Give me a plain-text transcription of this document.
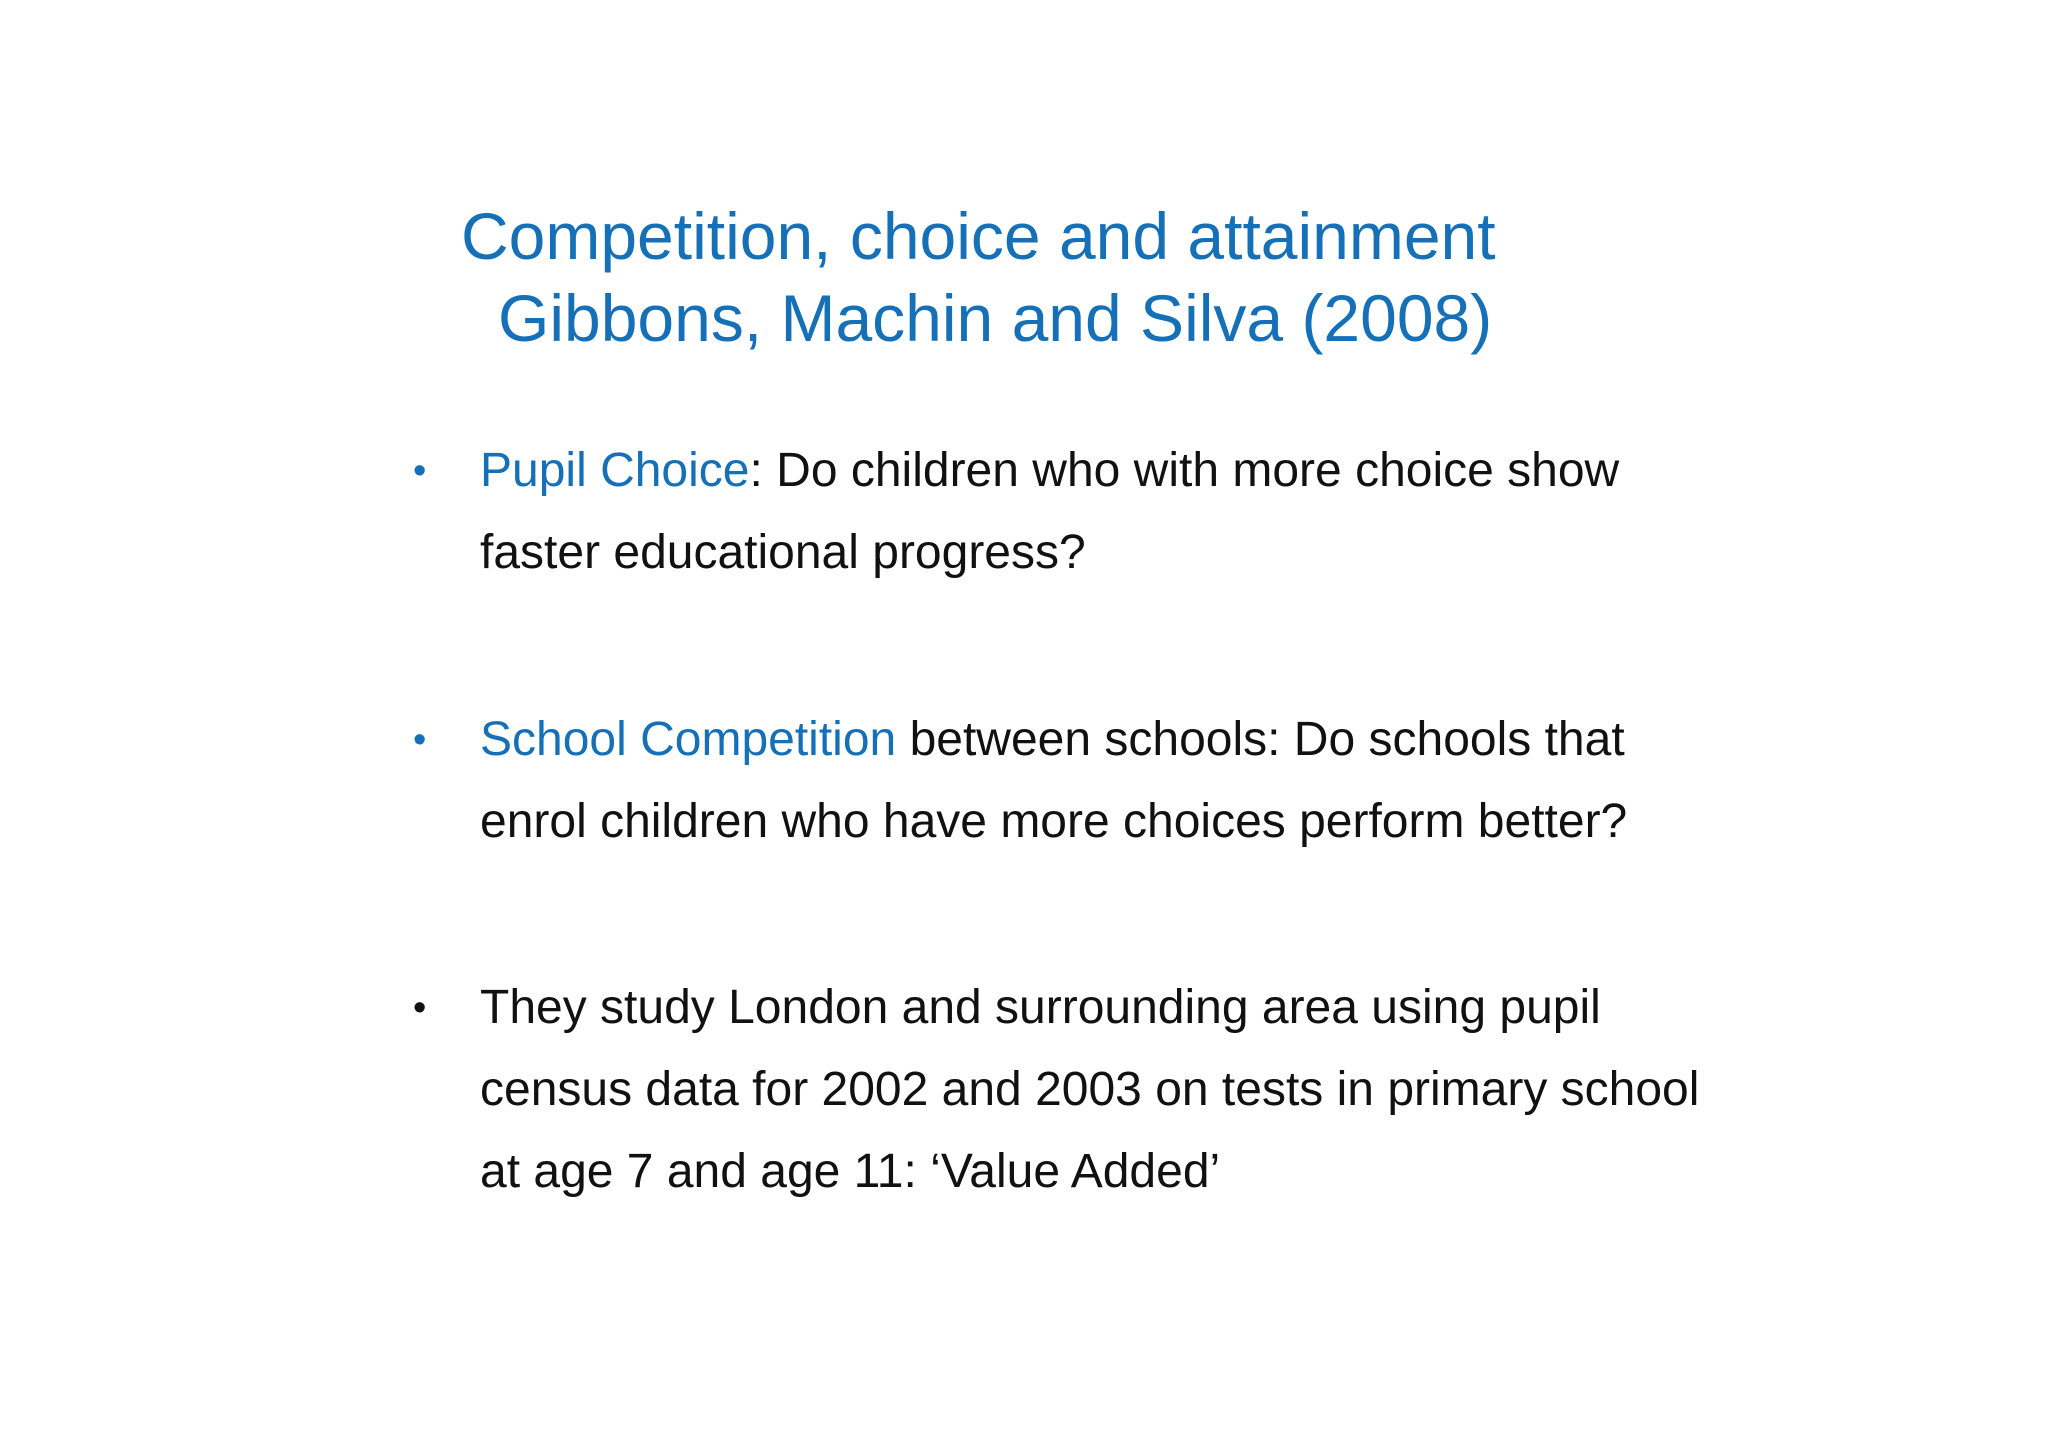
Competition, choice and attainment
Gibbons, Machin and Silva (2008)
•	Pupil Choice: Do children who with more choice show faster educational progress?
•	School Competition between schools: Do schools that enrol children who have more choices perform better?
•	They study London and surrounding area using pupil census data for 2002 and 2003 on tests in primary school at age 7 and age 11: ‘Value Added’
